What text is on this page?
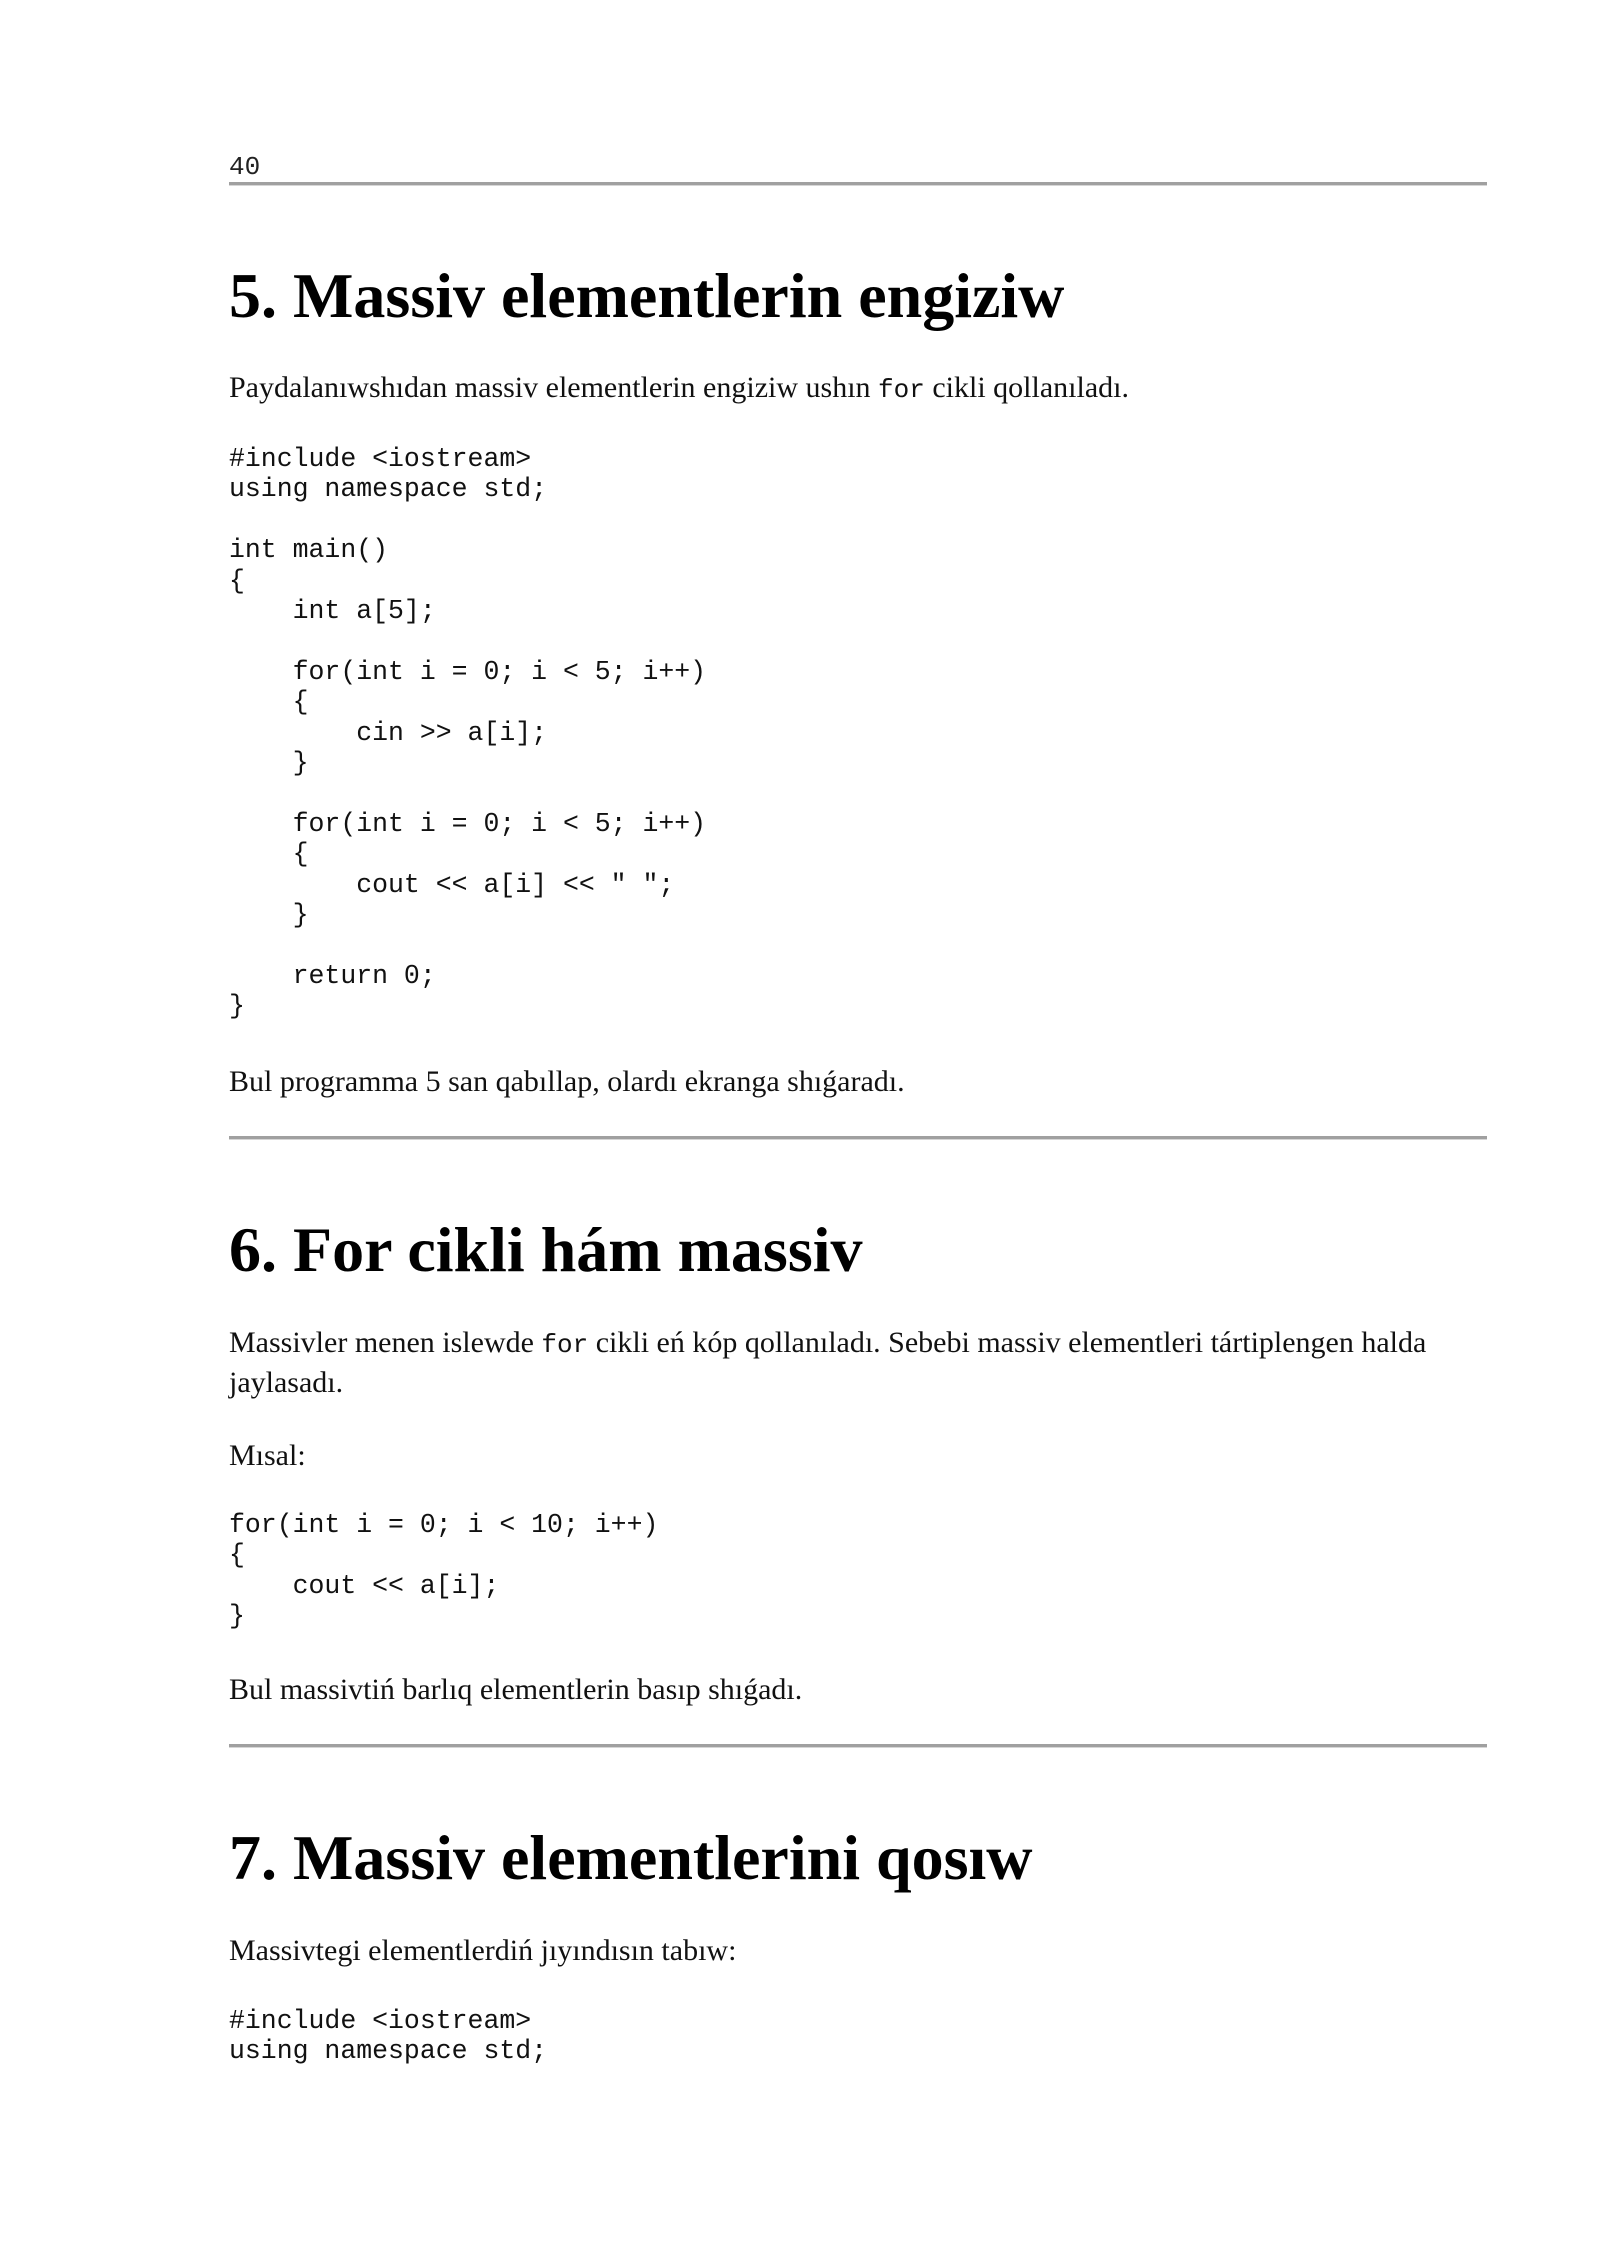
40
5. Massiv elementlerin engiziw

Paydalanıwshıdan massiv elementlerin engiziw ushın for cikli qollanıladı.

#include <iostream>
using namespace std;

int main()
{
int a[5];

for(int i = 0; i < 5; i++)
{
cin >> a[i];
}

for(int i = 0; i < 5; i++)
{
cout << a[i] << " ";
}

return 0;
}

Bul programma 5 san qabıllap, olardı ekranga shıǵaradı.

6. For cikli hám massiv

Massivler menen islewde for cikli eń kóp qollanıladı. Sebebi massiv elementleri tártiplengen halda jaylasadı.

Mısal:

for(int i = 0; i < 10; i++)
{
cout << a[i];
}

Bul massivtiń barlıq elementlerin basıp shıǵadı.

7. Massiv elementlerini qosıw

Massivtegi elementlerdiń jıyındısın tabıw:

#include <iostream>
using namespace std;
